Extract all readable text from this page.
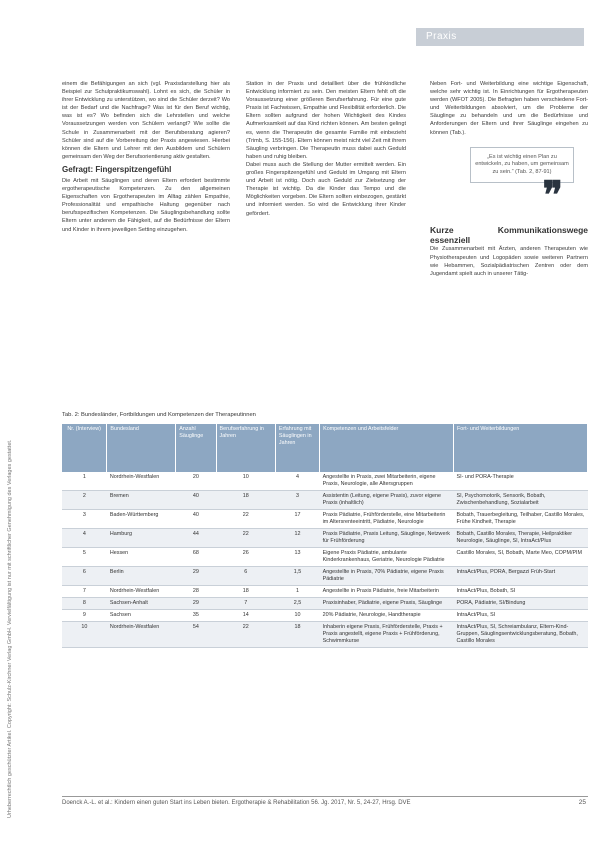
Praxis
Urheberrechtlich geschützter Artikel. Copyright: Schulz-Kirchner Verlag GmbH. Vervielfältigung ist nur mit schriftlicher Genehmigung des Verlages gestattet.

einem die Befähigungen an sich (vgl. Praxisdarstellung hier als Beispiel zur Schulpraktikumswahl). Lohnt es sich, die Schüler in ihrer Entwicklung zu unterstützen, wo sind die Schüler derzeit? Wo ist der Bedarf und die Nachfrage? Was ist für den Beruf wichtig, was ist es? Wo befinden sich die Lehrstellen und welche Voraussetzungen werden von Schülern verlangt? Wie sollte die Schule in Zusammenarbeit mit der Berufsberatung agieren? Schüler sind auf die Vorbereitung der Praxis angewiesen. Hierbei können die Eltern und Lehrer mit den Ausbildern und Schülern gemeinsam den Weg der Berufsorientierung aktiv gestalten.

Gefragt: Fingerspitzengefühl

Die Arbeit mit Säuglingen und deren Eltern erfordert bestimmte ergotherapeutische Kompetenzen. Zu den allgemeinen Eigenschaften von Ergotherapeuten im Alltag zählen Empathie, Professionalität und empathische Haltung gegenüber nach berufsspezifischen Kompetenzen. Die Säuglingsbehandlung sollte Eltern unter anderem die Fähigkeit, auf die Bedürfnisse der Eltern und Kinder in ihrem jeweiligen Setting einzugehen.

Station in der Praxis und detailliert über die frühkindliche Entwicklung informiert zu sein. Den meisten Eltern fehlt oft die Voraussetzung einer größeren Berufserfahrung. Für eine gute Praxis ist Fachwissen, Empathie und Flexibilität erforderlich. Die Eltern sollten aufgrund der hohen Wichtigkeit des Kindes Aufmerksamkeit auf das Kind richten können. Am besten gelingt es, wenn die Therapeutin die gesamte Familie mit einbezieht (Trimb, S. 155-156). Eltern können meist nicht viel Zeit mit ihrem Säugling verbringen. Die Therapeutin muss dabei auch Geduld haben und ruhig bleiben.

Dabei muss auch die Stellung der Mutter ermittelt werden. Ein großes Fingerspitzengefühl und Geduld im Umgang mit Eltern und Arbeit ist nötig. Doch auch Geduld zur Zielsetzung der Therapie ist wichtig. Da die Kinder das Tempo und die Möglichkeiten vorgeben. Die Eltern sollten einbezogen, gestärkt und informiert werden. So wird die Entwicklung ihrer Kinder gefördert.

Neben Fort- und Weiterbildung eine wichtige Eigenschaft, welche sehr wichtig ist. In Einrichtungen für Ergotherapeuten werden (WFOT 2005). Die Befragten haben verschiedene Fort- und Weiterbildungen absolviert, um die Probleme der Säuglinge zu behandeln und um die Bedürfnisse und Anforderungen der Eltern und ihrer Säuglinge eingehen zu können (Tab.).

„Es ist wichtig einen Plan zu entwickeln, zu haben, um gemeinsam zu sein.“ (Tab. 2, 87-91)
❞
Kurze Kommunikationswege essenziell

Die Zusammenarbeit mit Ärzten, anderen Therapeuten wie Physiotherapeuten und Logopäden sowie weiteren Partnern wie Hebammen, Sozialpädiatrischen Zentren oder dem Jugendamt spielt auch in unserer Tätig-

Tab. 2: Bundesländer, Fortbildungen und Kompetenzen der Therapeutinnen
Nr. (Interview)	Bundesland	Anzahl Säuglinge	Berufserfahrung in Jahren	Erfahrung mit Säuglingen in Jahren	Kompetenzen und Arbeitsfelder	Fort- und Weiterbildungen
1	Nordrhein-Westfalen	20	10	4	Angestellte in Praxis, zwei Mitarbeiterin, eigene Praxis, Neurologie, alle Altersgruppen	SI- und PORA-Therapie
2	Bremen	40	18	3	Assistentin (Leitung, eigene Praxis), zuvor eigene Praxis (inhaltlich)	SI, Psychomotorik, Sensorik, Bobath, Zwischenbehandlung, Sozialarbeit
3	Baden-Württemberg	40	22	17	Praxis Pädiatrie, Frühförderstelle, eine Mitarbeiterin im Altersrenteeintritt, Pädiatrie, Neurologie	Bobath, Trauerbegleitung, Teilhaber, Castillo Morales, Frühe Kindheit, Therapie
4	Hamburg	44	22	12	Praxis Pädiatrie, Praxis Leitung, Säuglinge, Netzwerk für Frühförderung	Bobath, Castillo Morales, Therapie, Heilpraktiker Neurologie, Säuglinge, SI, IntraAct/Plus
5	Hessen	68	26	13	Eigene Praxis Pädiatrie, ambulante Kinderkrankenhaus, Geriatrie, Neurologie Pädiatrie	Castillo Morales, SI, Bobath, Marte Meo, COPM/PIM
6	Berlin	29	6	1,5	Angestellte in Praxis, 70% Pädiatrie, eigene Praxis Pädiatrie	IntraAct/Plus, PORA, Bergazzi Früh-Start
7	Nordrhein-Westfalen	28	18	1	Angestellte in Praxis Pädiatrie, freie Mitarbeiterin	IntraAct/Plus, Bobath, SI
8	Sachsen-Anhalt	29	7	2,5	Praxisinhaber, Pädiatrie, eigene Praxis, Säuglinge	PORA, Pädiatrie, SI/Bindung
9	Sachsen	35	14	10	20% Pädiatrie, Neurologie, Handtherapie	IntraAct/Plus, SI
10	Nordrhein-Westfalen	54	22	18	Inhaberin eigene Praxis, Frühförderstelle, Praxis + Praxis angestellt, eigene Praxis + Frühförderung, Schwimmkurse	IntraAct/Plus, SI, Schreiambulanz, Eltern-Kind-Gruppen, Säuglingsentwicklungsberatung, Bobath, Castillo Morales
Doenck A.-L. et al.: Kindern einen guten Start ins Leben bieten. Ergotherapie & Rehabilitation 56. Jg. 2017, Nr. 5, 24-27, Hrsg. DVE	25
